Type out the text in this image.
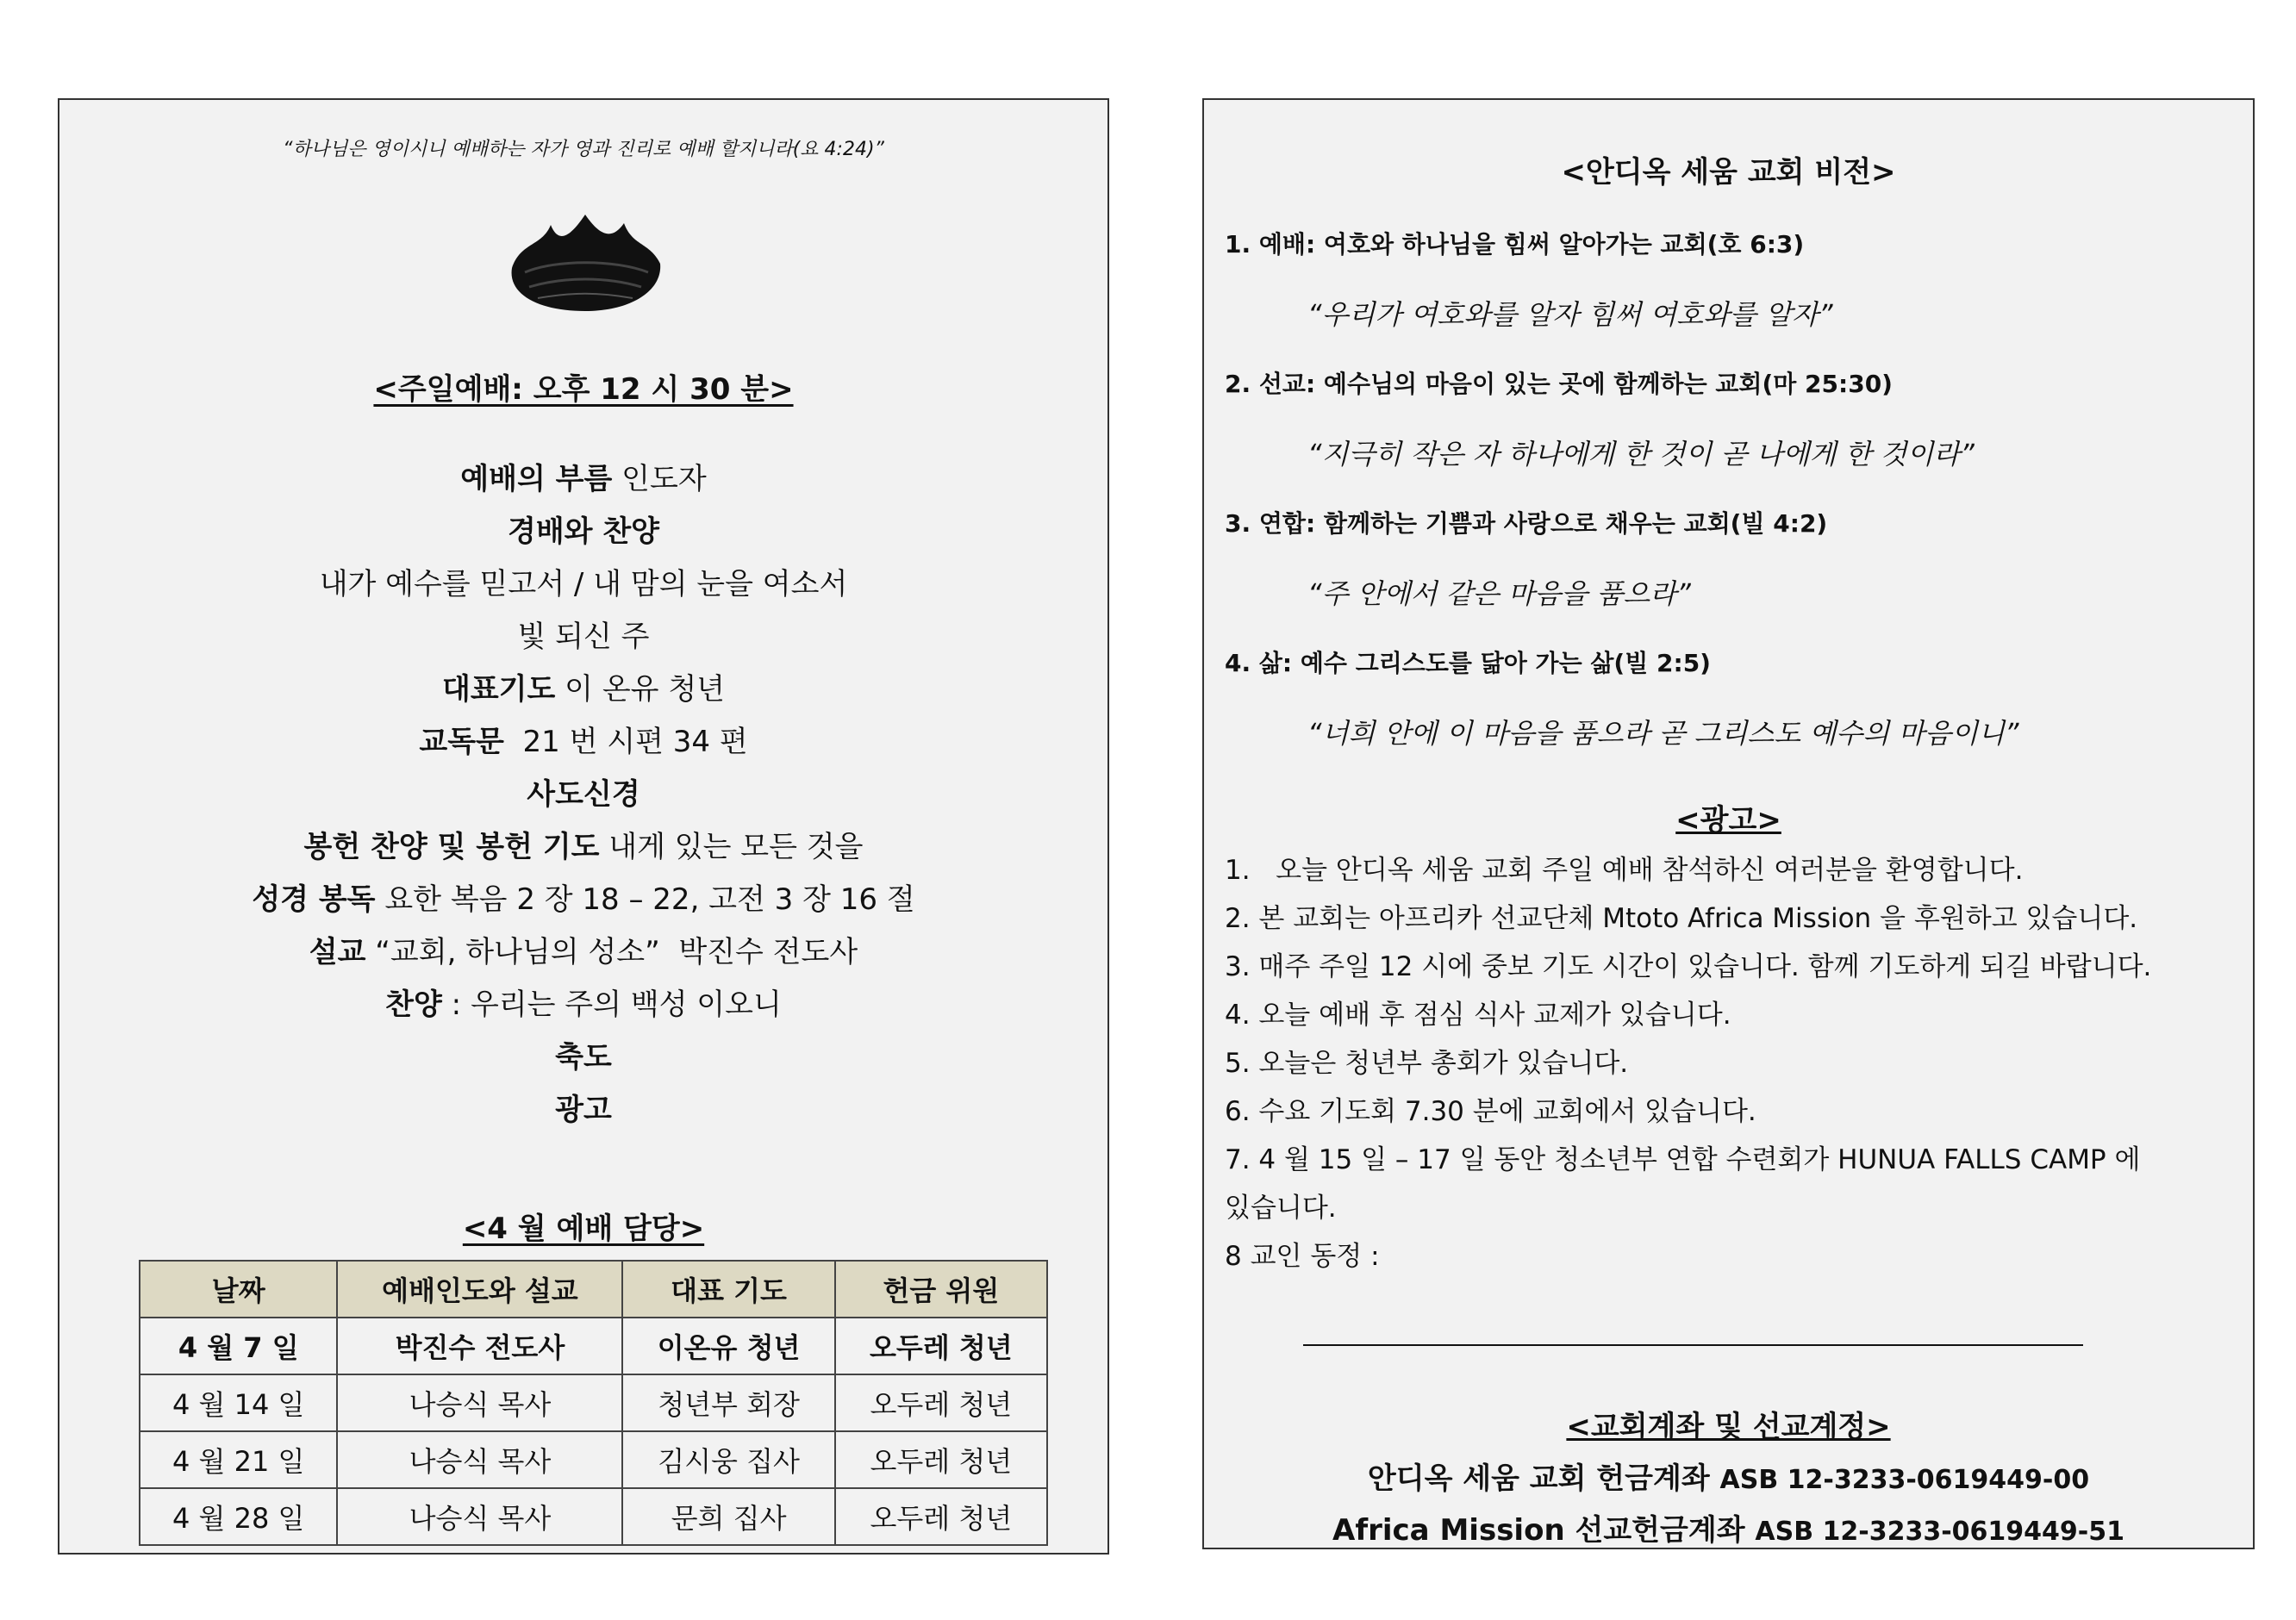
“하나님은 영이시니 예배하는 자가 영과 진리로 예배 할지니라(요 4:24)”
<주일예배: 오후 12 시 30 분>
예배의 부름 인도자
경배와 찬양
내가 예수를 믿고서 / 내 맘의 눈을 여소서
빛 되신 주
대표기도 이 온유 청년
교독문  21 번 시편 34 편
사도신경
봉헌 찬양 및 봉헌 기도 내게 있는 모든 것을
성경 봉독 요한 복음 2 장 18 – 22, 고전 3 장 16 절
설교 “교회, 하나님의 성소”  박진수 전도사
찬양 : 우리는 주의 백성 이오니
축도
광고
<4 월 예배 담당>
날짜	예배인도와 설교	대표 기도	헌금 위원
4 월 7 일	박진수 전도사	이온유 청년	오두레 청년
4 월 14 일	나승식 목사	청년부 회장	오두레 청년
4 월 21 일	나승식 목사	김시웅 집사	오두레 청년
4 월 28 일	나승식 목사	문희 집사	오두레 청년
<안디옥 세움 교회 비전>
1. 예배: 여호와 하나님을 힘써 알아가는 교회(호 6:3)
“우리가 여호와를 알자 힘써 여호와를 알자”
2. 선교: 예수님의 마음이 있는 곳에 함께하는 교회(마 25:30)
“지극히 작은 자 하나에게 한 것이 곧 나에게 한 것이라”
3. 연합: 함께하는 기쁨과 사랑으로 채우는 교회(빌 4:2)
“주 안에서 같은 마음을 품으라”
4. 삶: 예수 그리스도를 닮아 가는 삶(빌 2:5)
“너희 안에 이 마음을 품으라 곧 그리스도 예수의 마음이니”
<광고>
1.   오늘 안디옥 세움 교회 주일 예배 참석하신 여러분을 환영합니다.
2. 본 교회는 아프리카 선교단체 Mtoto Africa Mission 을 후원하고 있습니다.
3. 매주 주일 12 시에 중보 기도 시간이 있습니다. 함께 기도하게 되길 바랍니다.
4. 오늘 예배 후 점심 식사 교제가 있습니다.
5. 오늘은 청년부 총회가 있습니다.
6. 수요 기도회 7.30 분에 교회에서 있습니다.
7. 4 월 15 일 – 17 일 동안 청소년부 연합 수련회가 HUNUA FALLS CAMP 에
있습니다.
8 교인 동정 :
<교회계좌 및 선교계정>
안디옥 세움 교회 헌금계좌 ASB 12-3233-0619449-00
Africa Mission 선교헌금계좌 ASB 12-3233-0619449-51
